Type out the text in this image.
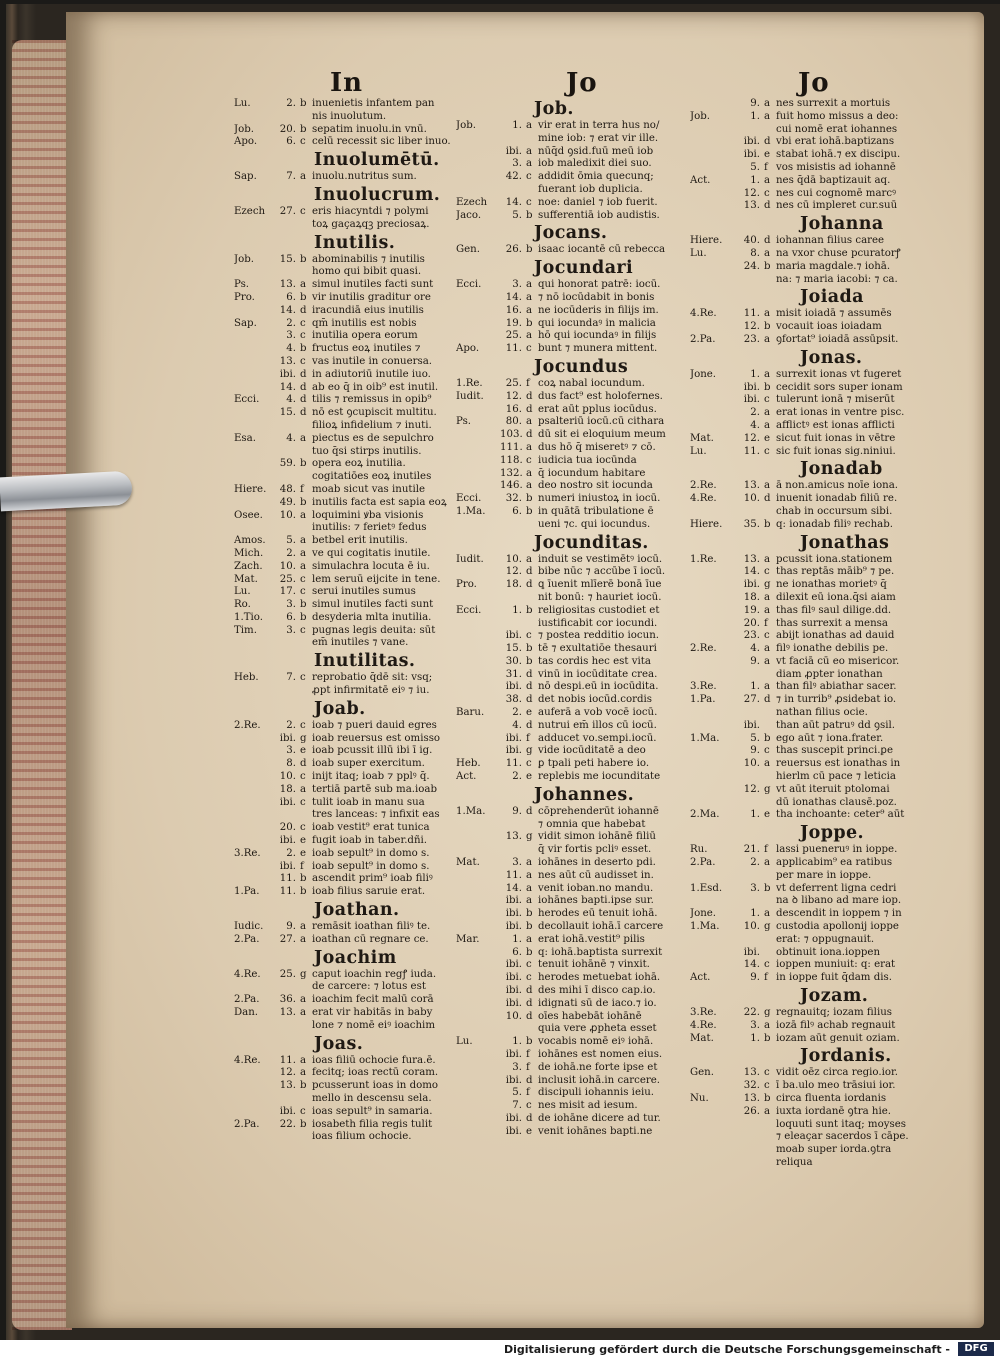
In	Jo	Jo
Lu.	2. b inuenietis infantem pan
nis inuolutum.
Job.	20. b sepatim inuolu.in vnū.
Apo.	6. c celū recessit sic liber inuo.
Inuolumētū.
Sap.	7. a inuolu.nutritus sum.
Inuolucrum.
Ezech	27. c eris hiacyntdi ⁊ polymi
toꝝ gaçaꝝqꝫ preciosaꝝ.
Inutilis.
Job.	15. b abominabilis ⁊ inutilis
homo qui bibit quasi.
Ps.	13. a simul inutiles facti sunt
Pro.	6. b vir inutilis graditur ore
14. d iracundiā eius inutilis
Sap.	2. c qm̄ inutilis est nobis
3. c inutilia opera eorum
4. b fructus eoꝝ inutiles ⁊
13. c vas inutile in conuersa.
ibi. d in adiutoriū inutile iuo.
14. d ab eo q̄ in oib⁹ est inutil.
Ecci.	4. d tilis ⁊ remissus in opib⁹
15. d nō est ꝯcupiscit multitu.
filioꝝ infidelium ⁊ inuti.
Esa.	4. a piectus es de sepulchro
tuo q̄si stirps inutilis.
59. b opera eoꝝ inutilia.
cogitatiōes eoꝝ inutiles
Hiere.	48. f moab sicut vas inutile
49. b inutilis facta est sapia eoꝝ
Osee.	10. a loquimini ꝟba visionis
inutilis: ⁊ ferietꝰ fedus
Amos.	5. a betbel erit inutilis.
Mich.	2. a ve qui cogitatis inutile.
Zach.	10. a simulachra locuta ē iu.
Mat.	25. c lem seruū eijcite in tene.
Lu.	17. c serui inutiles sumus
Ro.	3. b simul inutiles facti sunt
1.Tio.	6. b desyderia mlta inutilia.
Tim.	3. c pugnas legis deuita: sūt
em̄ inutiles ⁊ vane.
Inutilitas.
Heb.	7. c reprobatio q̄dē sit: vsq;
ꝓpt infirmitatē eiꝰ ⁊ iu.
Joab.
2.Re.	2. c ioab ⁊ pueri dauid egres
ibi. g ioab reuersus est omisso
3. e ioab pcussit illū ibi ī ig.
8. d ioab super exercitum.
10. c inijt itaq; ioab ⁊ pplꝰ q̄.
18. a tertiā partē sub ma.ioab
ibi. c tulit ioab in manu sua
tres lanceas: ⁊ infixit eas
20. c ioab vestit⁹ erat tunica
ibi. e fugit ioab in taber.dñi.
3.Re.	2. e ioab sepult⁹ in domo s.
ibi. f ioab sepult⁹ in domo s.
11. b ascendit prim⁹ ioab filiꝰ
1.Pa.	11. b ioab filius saruie erat.
Joathan.
Iudic.	9. a remāsit ioathan filiꝰ te.
2.Pa.	27. a ioathan cū regnare ce.
Joachim
4.Re.	25. g caput ioachin regꝭ iuda.
de carcere: ⁊ lotus est
2.Pa.	36. a ioachim fecit malū corā
Dan.	13. a erat vir habitās in baby
lone ⁊ nomē eiꝰ ioachim
Joas.
4.Re.	11. a ioas filiū ochocie fura.ē.
12. a fecitq; ioas rectū coram.
13. b pcusserunt ioas in domo
mello in descensu sela.
ibi. c ioas sepult⁹ in samaria.
2.Pa.	22. b iosabeth filia regis tulit
ioas filium ochocie.
Job.
Job.	1. a vir erat in terra hus no/
mine iob: ⁊ erat vir ille.
ibi. a nūq̄d ꝯsid.fuū meū iob
3. a iob maledixit diei suo.
42. c addidit ōmia quecunq;
fuerant iob duplicia.
Ezech	14. c noe: daniel ⁊ iob fuerit.
Jaco.	5. b sufferentiā iob audistis.
Jocans.
Gen.	26. b isaac iocantē cū rebecca
Jocundari
Ecci.	3. a qui honorat patrē: iocū.
14. a ⁊ nō iocūdabit in bonis
16. a ne iocūderis in filijs im.
19. b qui iocundaꝰ in malicia
25. a hō qui iocundaꝰ in filijs
Apo.	11. c bunt ⁊ munera mittent.
Jocundus
1.Re.	25. f coꝝ nabal iocundum.
Iudit.	12. d dus fact⁹ est holofernes.
16. d erat aūt pplus iocūdus.
Ps.	80. a psalteriū iocū.cū cithara
103. d dū sit ei eloquium meum
111. a dus hō q̄ miseretꝰ ⁊ cō.
118. c iudicia tua iocūnda
132. a q̄ iocundum habitare
146. a deo nostro sit iocunda
Ecci.	32. b numeri iniustoꝝ in iocū.
1.Ma.	6. b in quātā tribulatione ē
ueni ⁊c. qui iocundus.
Jocunditas.
Iudit.	10. a induit se vestimētꝰ iocū.
12. d bibe nūc ⁊ accūbe ī iocū.
Pro.	18. d ꝗ īuenit mlīerē bonā īue
nit bonū: ⁊ hauriet iocū.
Ecci.	1. b religiositas custodiet et
iustificabit cor iocundi.
ibi. c ⁊ postea redditio iocun.
15. b tē ⁊ exultatiōe thesauri
30. b tas cordis hec est vita
31. d vinū in iocūditate crea.
ibi. d nō despi.eū in iocūdita.
38. d det nobis iocūd.cordis
Baru.	2. e auferā a vob vocē iocū.
4. d nutrui em̄ illos cū iocū.
ibi. f adducet vo.sempi.iocū.
ibi. g vide iocūditatē a deo
Heb.	11. c ꝑ tpali peti habere io.
Act.	2. e replebis me iocunditate
Johannes.
1.Ma.	9. d cōprehenderūt iohannē
⁊ omnia que habebat
13. g vidit simon iohānē filiū
q̄ vir fortis pcliꝰ esset.
Mat.	3. a iohānes in deserto pdi.
11. a nes aūt cū audisset in.
14. a venit ioban.no mandu.
ibi. a iohānes bapti.ipse sur.
ibi. b herodes eū tenuit iohā.
ibi. b decollauit iohā.ī carcere
Mar.	1. a erat iohā.vestit⁹ pilis
6. b q: iohā.baptista surrexit
ibi. c tenuit iohānē ⁊ vinxit.
ibi. c herodes metuebat iohā.
ibi. d des mihi ī disco cap.io.
ibi. d idignati sū de iaco.⁊ io.
10. d oīes habebāt iohānē
quia vere ꝓpheta esset
Lu.	1. b vocabis nomē eiꝰ iohā.
ibi. f iohānes est nomen eius.
3. f de iohā.ne forte ipse et
ibi. d inclusit iohā.in carcere.
5. f discipuli iohannis ieiu.
7. c nes misit ad iesum.
ibi. d de iohāne dicere ad tur.
ibi. e venit iohānes bapti.ne
9. a nes surrexit a mortuis
Job.	1. a fuit homo missus a deo:
cui nomē erat iohannes
ibi. d vbi erat iohā.baptizans
ibi. e stabat iohā.⁊ ex discipu.
5. f vos misistis ad iohannē
Act.	1. a nes q̄dā baptizauit aq.
12. c nes cui cognomē marcꝰ
13. d nes cū impleret cur.suū
Johanna
Hiere.	40. d iohannan filius caree
Lu.	8. a na vxor chuse pcuratorꝭ
24. b maria magdale.⁊ iohā.
na: ⁊ maria iacobi: ⁊ ca.
Joiada
4.Re.	11. a misit ioiadā ⁊ assumēs
12. b vocauit ioas ioiadam
2.Pa.	23. a ꝯfortat⁹ ioiadā assūpsit.
Jonas.
Jone.	1. a surrexit ionas vt fugeret
ibi. b cecidit sors super ionam
ibi. c tulerunt ionā ⁊ miserūt
2. a erat ionas in ventre pisc.
4. a afflictꝰ est ionas afflicti
Mat.	12. e sicut fuit ionas in vētre
Lu.	11. c sic fuit ionas sig.niniui.
Jonadab
2.Re.	13. a ā non.amicus noīe iona.
4.Re.	10. d inuenit ionadab filiū re.
chab in occursum sibi.
Hiere.	35. b q: ionadab filiꝰ rechab.
Jonathas
1.Re.	13. a pcussit iona.stationem
14. c thas reptās māib⁹ ⁊ pe.
ibi. g ne ionathas morietꝰ q̄
18. a dilexit eū iona.q̄si aiam
19. a thas filꝰ saul dilige.dd.
20. f thas surrexit a mensa
23. c abijt ionathas ad dauid
2.Re.	4. a filꝰ ionathe debilis pe.
9. a vt faciā cū eo misericor.
diam ꝓpter ionathan
3.Re.	1. a than filꝰ abiathar sacer.
1.Pa.	27. d ⁊ in turrib⁹ ꝓsidebat io.
nathan filius ocie.
ibi.	than aūt patruꝰ dd ꝯsil.
1.Ma.	5. b ego aūt ⁊ iona.frater.
9. c thas suscepit princi.ꝑe
10. a reuersus est ionathas in
hierlm cū pace ⁊ leticia
12. g vt aūt iteruit ptolomai
dū ionathas clausē.poz.
2.Ma.	1. e tha inchoante: ceter⁹ aūt
Joppe.
Ru.	21. f lassi pueneruꝰ in ioppe.
2.Pa.	2. a applicabim⁹ ea ratibus
per mare in ioppe.
1.Esd.	3. b vt deferrent ligna cedri
na ꝺ libano ad mare iop.
Jone.	1. a descendit in ioppem ⁊ in
1.Ma.	10. g custodia apollonij ioppe
erat: ⁊ oppugnauit.
ibi.	obtinuit iona.ioppen
14. c ioppen muniuit: q: erat
Act.	9. f in ioppe fuit q̄dam dis.
Jozam.
3.Re.	22. g regnauitq; iozam filius
4.Re.	3. a iozā filꝰ achab regnauit
Mat.	1. b iozam aūt genuit oziam.
Jordanis.
Gen.	13. c vidit oēz circa regio.ior.
32. c ī ba.ulo meo trāsiui ior.
Nu.	13. b circa fluenta iordanis
26. a iuxta iordanē ꝯtra hie.
loquuti sunt itaq; moyses
⁊ eleaçar sacerdos ī cāpe.
moab super iorda.ꝯtra
reliqua
Digitalisierung gefördert durch die Deutsche Forschungsgemeinschaft -	DFG
